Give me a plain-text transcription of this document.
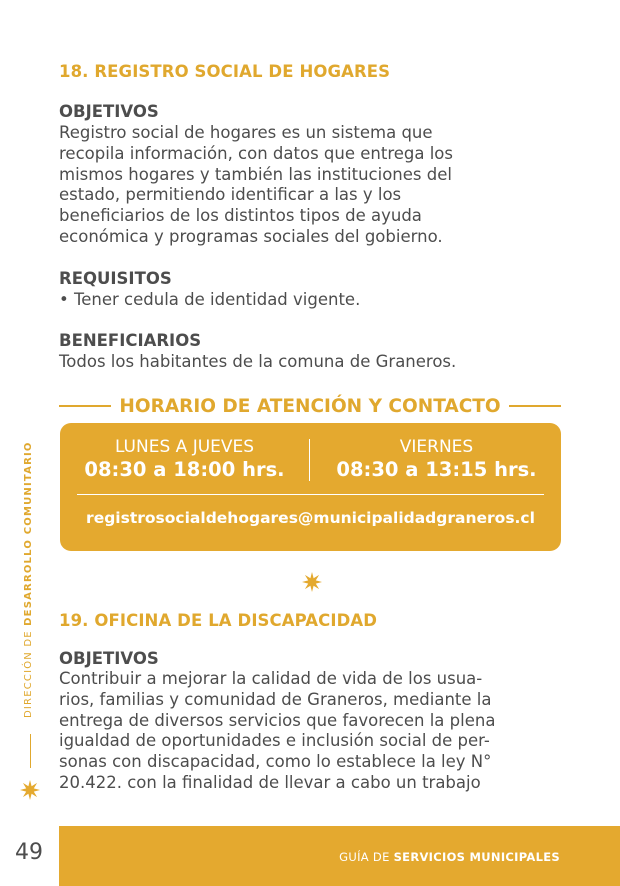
18. REGISTRO SOCIAL DE HOGARES
OBJETIVOS
Registro social de hogares es un sistema que
recopila información, con datos que entrega los
mismos hogares y también las instituciones del
estado, permitiendo identificar a las y los
beneficiarios de los distintos tipos de ayuda
económica y programas sociales del gobierno.
REQUISITOS
• Tener cedula de identidad vigente.
BENEFICIARIOS
Todos los habitantes de la comuna de Graneros.
HORARIO DE ATENCIÓN Y CONTACTO
LUNES A JUEVES
08:30 a 18:00 hrs.
VIERNES
08:30 a 13:15 hrs.
registrosocialdehogares@municipalidadgraneros.cl
19. OFICINA DE LA DISCAPACIDAD
OBJETIVOS
Contribuir a mejorar la calidad de vida de los usua-
rios, familias y comunidad de Graneros, mediante la
entrega de diversos servicios que favorecen la plena
igualdad de oportunidades e inclusión social de per-
sonas con discapacidad, como lo establece la ley N°
20.422. con la finalidad de llevar a cabo un trabajo
DIRECCIÓN DE DESARROLLO COMUNITARIO
49	GUÍA DE SERVICIOS MUNICIPALES
